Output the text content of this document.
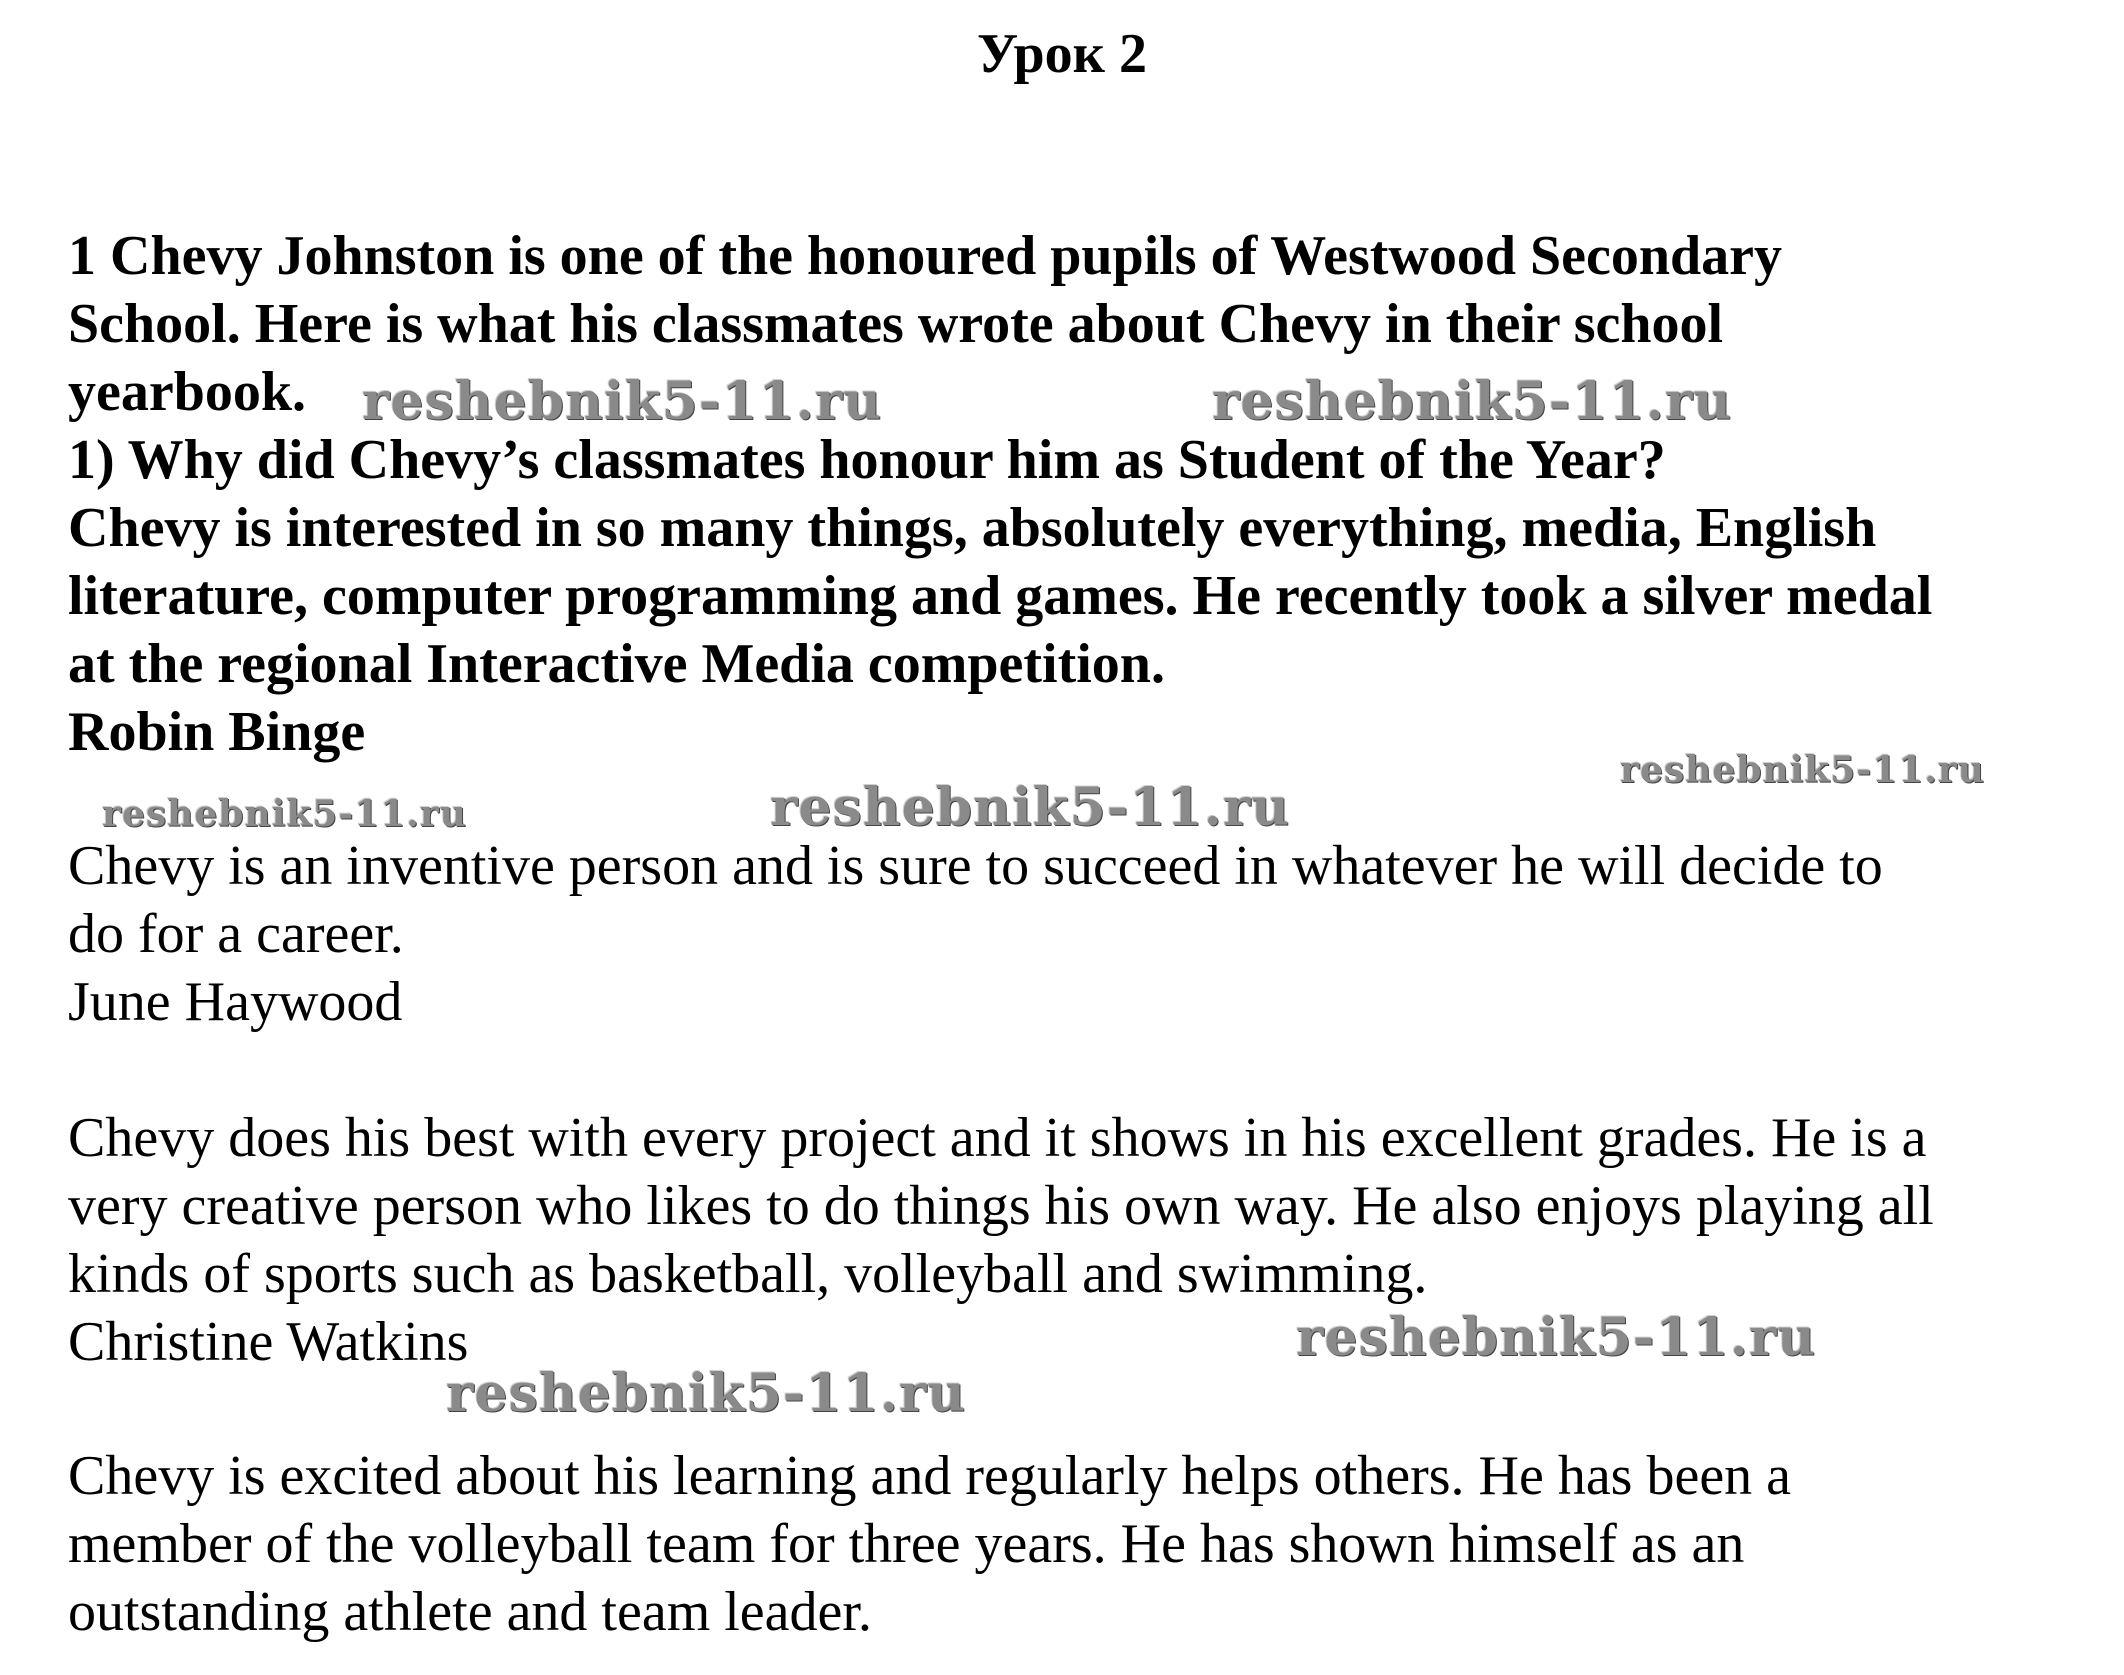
Урок 2
1 Chevy Johnston is one of the honoured pupils of Westwood Secondary
School. Here is what his classmates wrote about Chevy in their school
yearbook.
1) Why did Chevy’s classmates honour him as Student of the Year?
Chevy is interested in so many things, absolutely everything, media, English
literature, computer programming and games. He recently took a silver medal
at the regional Interactive Media competition.
Robin Binge
Chevy is an inventive person and is sure to succeed in whatever he will decide to
do for a career.
June Haywood
Chevy does his best with every project and it shows in his excellent grades. He is a
very creative person who likes to do things his own way. He also enjoys playing all
kinds of sports such as basketball, volleyball and swimming.
Christine Watkins
Chevy is excited about his learning and regularly helps others. He has been a
member of the volleyball team for three years. He has shown himself as an
outstanding athlete and team leader.
reshebnik5-11.ru	reshebnik5-11.ru
reshebnik5-11.ru
reshebnik5-11.ru	reshebnik5-11.ru
reshebnik5-11.ru
reshebnik5-11.ru
